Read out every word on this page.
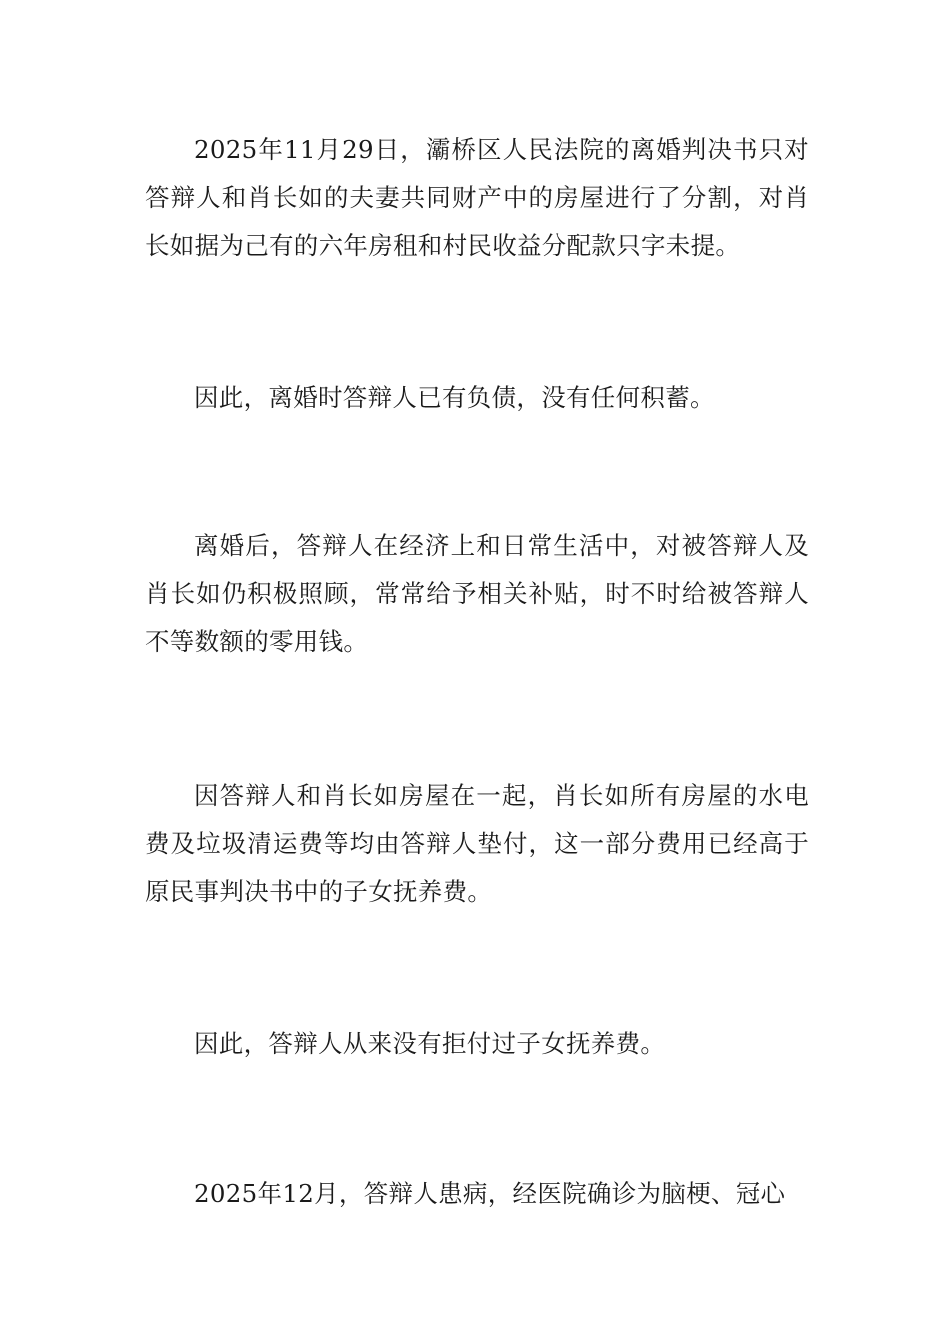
2025年11月29日，灞桥区人民法院的离婚判决书只对答辩人和肖长如的夫妻共同财产中的房屋进行了分割，对肖长如据为己有的六年房租和村民收益分配款只字未提。

因此，离婚时答辩人已有负债，没有任何积蓄。

离婚后，答辩人在经济上和日常生活中，对被答辩人及肖长如仍积极照顾，常常给予相关补贴，时不时给被答辩人不等数额的零用钱。

因答辩人和肖长如房屋在一起，肖长如所有房屋的水电费及垃圾清运费等均由答辩人垫付，这一部分费用已经高于原民事判决书中的子女抚养费。

因此，答辩人从来没有拒付过子女抚养费。

2025年12月，答辩人患病，经医院确诊为脑梗、冠心
